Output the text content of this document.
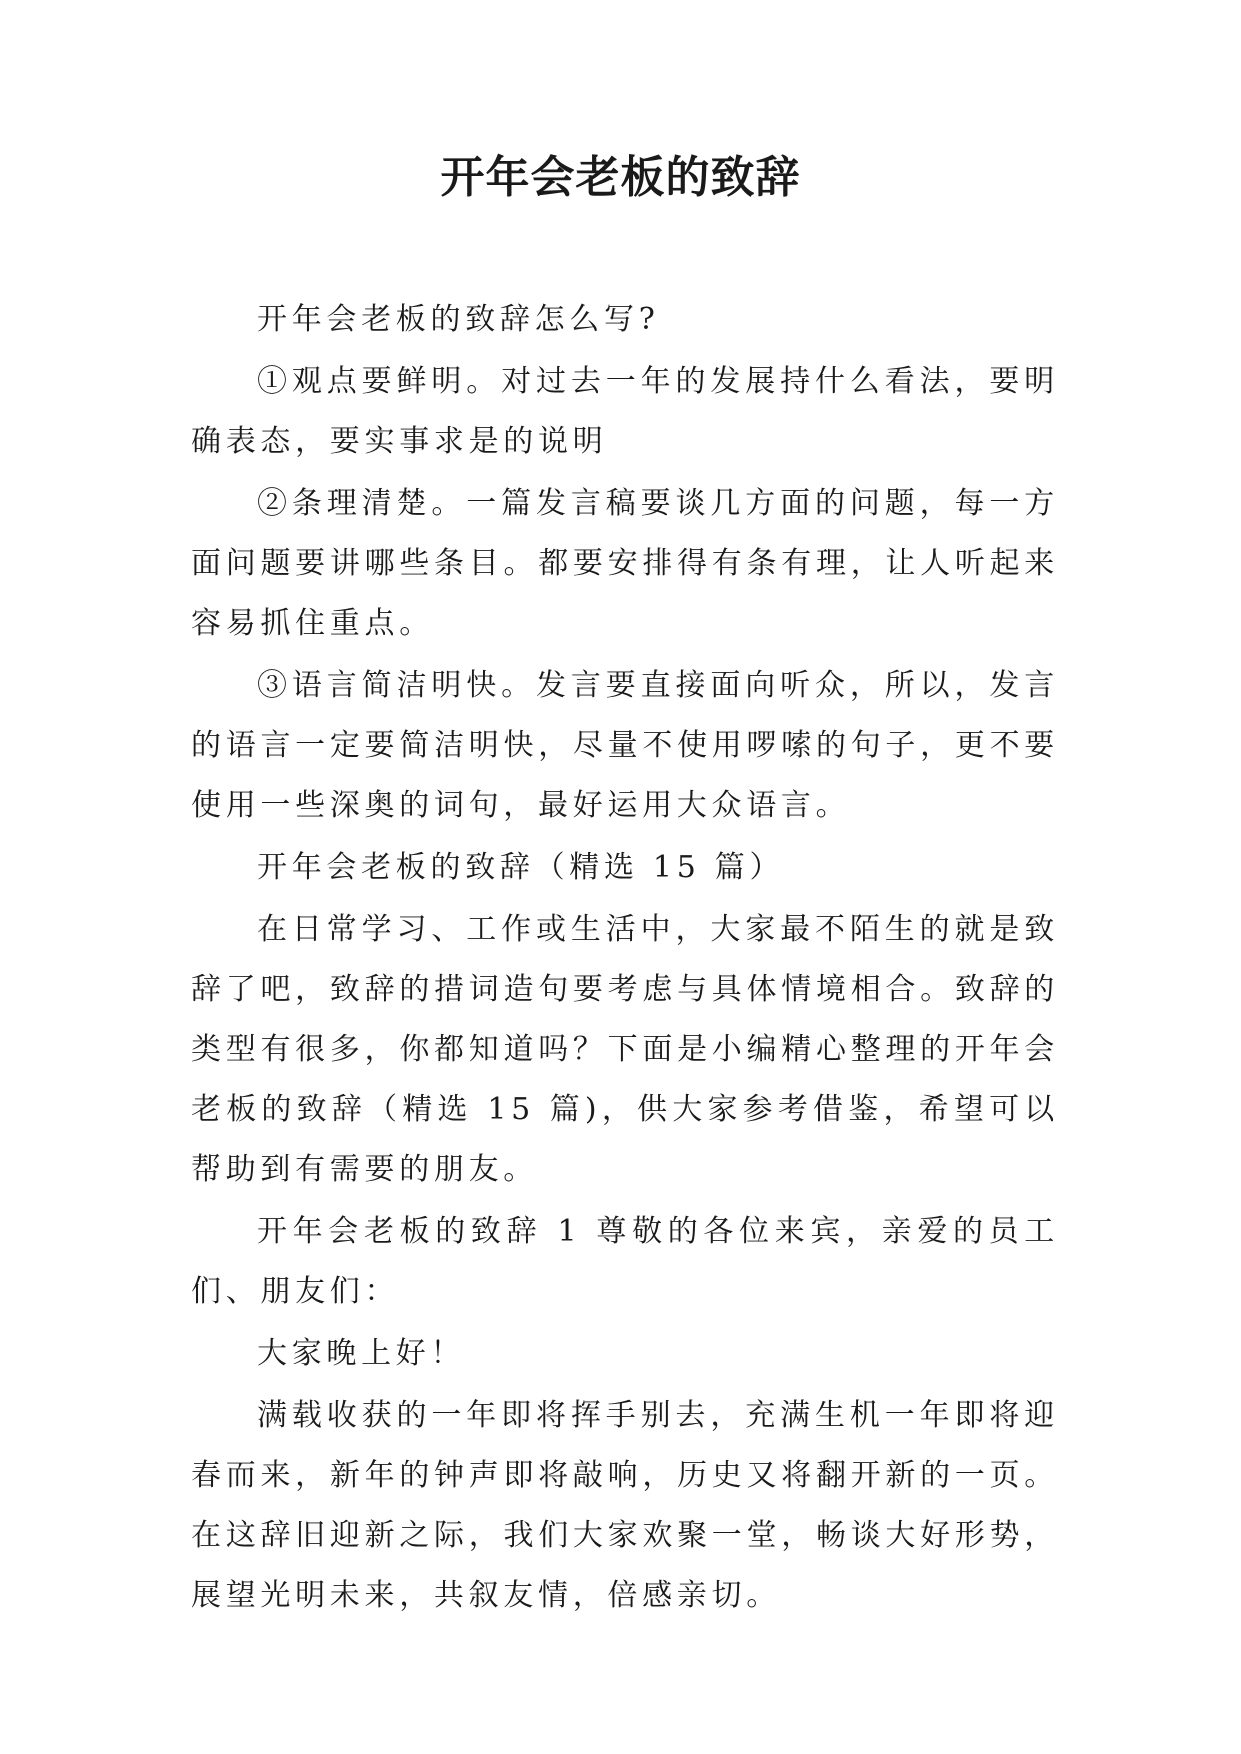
开年会老板的致辞

开年会老板的致辞怎么写?

①观点要鲜明。对过去一年的发展持什么看法，要明确表态，要实事求是的说明

②条理清楚。一篇发言稿要谈几方面的问题，每一方面问题要讲哪些条目。都要安排得有条有理，让人听起来容易抓住重点。

③语言简洁明快。发言要直接面向听众，所以，发言的语言一定要简洁明快，尽量不使用啰嗦的句子，更不要使用一些深奥的词句，最好运用大众语言。

开年会老板的致辞（精选 15 篇）

在日常学习、工作或生活中，大家最不陌生的就是致辞了吧，致辞的措词造句要考虑与具体情境相合。致辞的类型有很多，你都知道吗？下面是小编精心整理的开年会老板的致辞（精选 15 篇)，供大家参考借鉴，希望可以帮助到有需要的朋友。

开年会老板的致辞 1 尊敬的各位来宾，亲爱的员工们、朋友们：

大家晚上好！

满载收获的一年即将挥手别去，充满生机一年即将迎春而来，新年的钟声即将敲响，历史又将翻开新的一页。在这辞旧迎新之际，我们大家欢聚一堂，畅谈大好形势，展望光明未来，共叙友情，倍感亲切。
